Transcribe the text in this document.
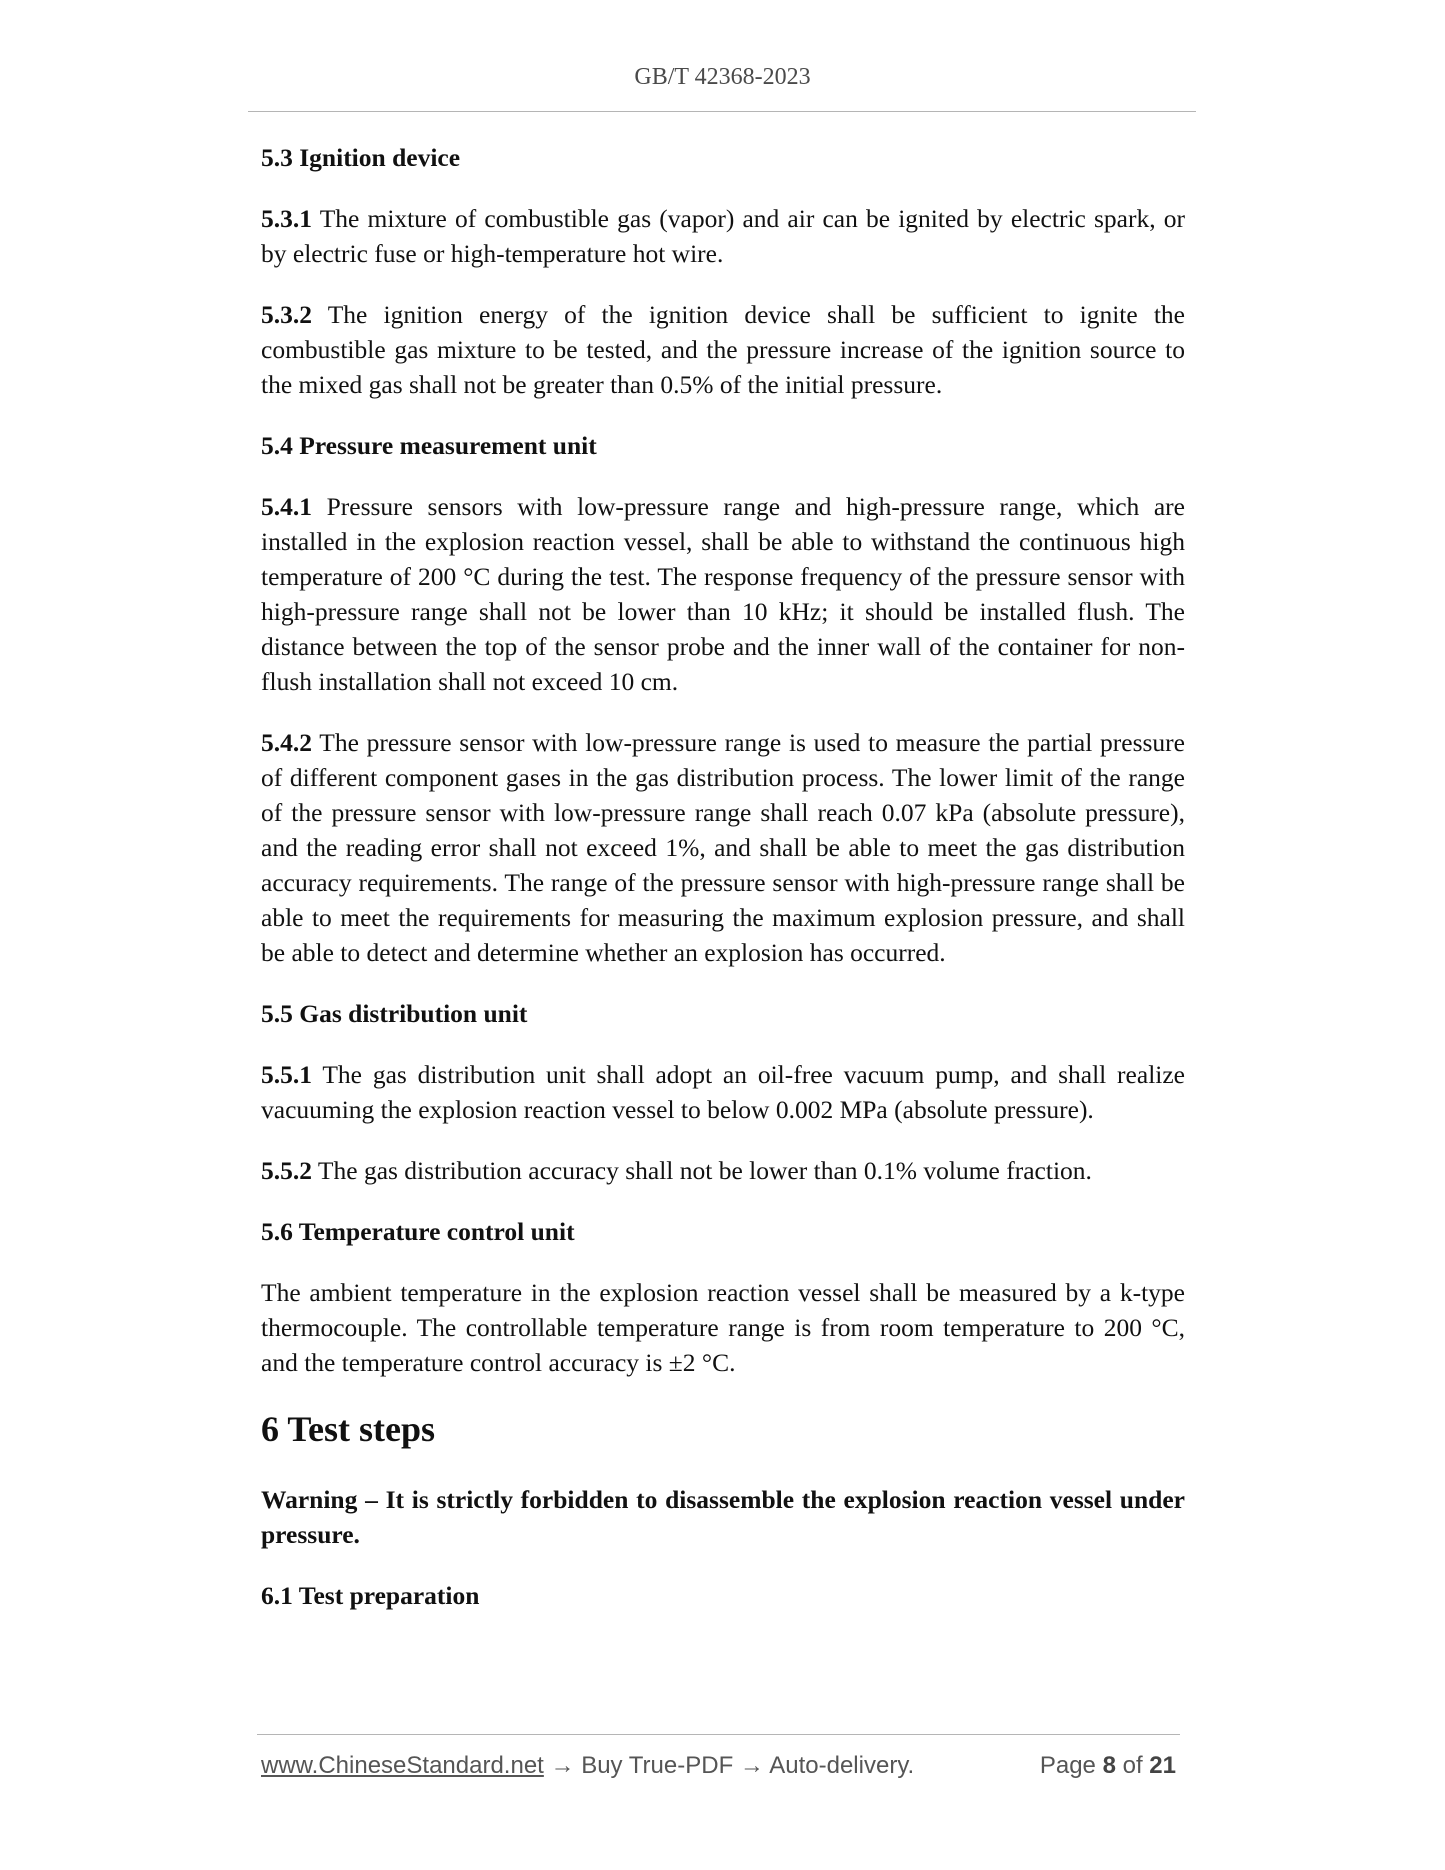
GB/T 42368-2023

5.3 Ignition device

5.3.1 The mixture of combustible gas (vapor) and air can be ignited by electric spark, or by electric fuse or high-temperature hot wire.

5.3.2 The ignition energy of the ignition device shall be sufficient to ignite the combustible gas mixture to be tested, and the pressure increase of the ignition source to the mixed gas shall not be greater than 0.5% of the initial pressure.

5.4 Pressure measurement unit

5.4.1 Pressure sensors with low-pressure range and high-pressure range, which are installed in the explosion reaction vessel, shall be able to withstand the continuous high temperature of 200 °C during the test. The response frequency of the pressure sensor with high-pressure range shall not be lower than 10 kHz; it should be installed flush. The distance between the top of the sensor probe and the inner wall of the container for non-flush installation shall not exceed 10 cm.

5.4.2 The pressure sensor with low-pressure range is used to measure the partial pressure of different component gases in the gas distribution process. The lower limit of the range of the pressure sensor with low-pressure range shall reach 0.07 kPa (absolute pressure), and the reading error shall not exceed 1%, and shall be able to meet the gas distribution accuracy requirements. The range of the pressure sensor with high-pressure range shall be able to meet the requirements for measuring the maximum explosion pressure, and shall be able to detect and determine whether an explosion has occurred.

5.5 Gas distribution unit

5.5.1 The gas distribution unit shall adopt an oil-free vacuum pump, and shall realize vacuuming the explosion reaction vessel to below 0.002 MPa (absolute pressure).

5.5.2 The gas distribution accuracy shall not be lower than 0.1% volume fraction.

5.6 Temperature control unit

The ambient temperature in the explosion reaction vessel shall be measured by a k-type thermocouple. The controllable temperature range is from room temperature to 200 °C, and the temperature control accuracy is ±2 °C.

6 Test steps

Warning – It is strictly forbidden to disassemble the explosion reaction vessel under pressure.

6.1 Test preparation

www.ChineseStandard.net → Buy True-PDF → Auto-delivery.	Page 8 of 21
